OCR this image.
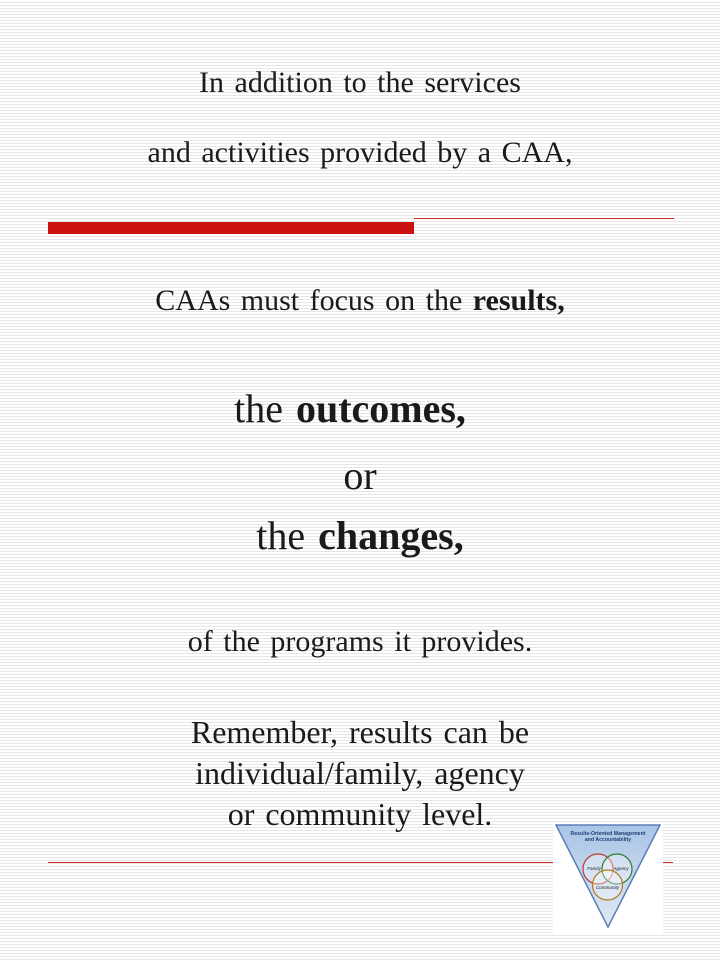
In addition to the services
and activities provided by a CAA,
CAAs must focus on the results,
the outcomes,
or
the changes,
of the programs it provides.
Remember, results can be
individual/family, agency
or community level.
Results-Oriented Management
and Accountability
Family	Agency
Community
